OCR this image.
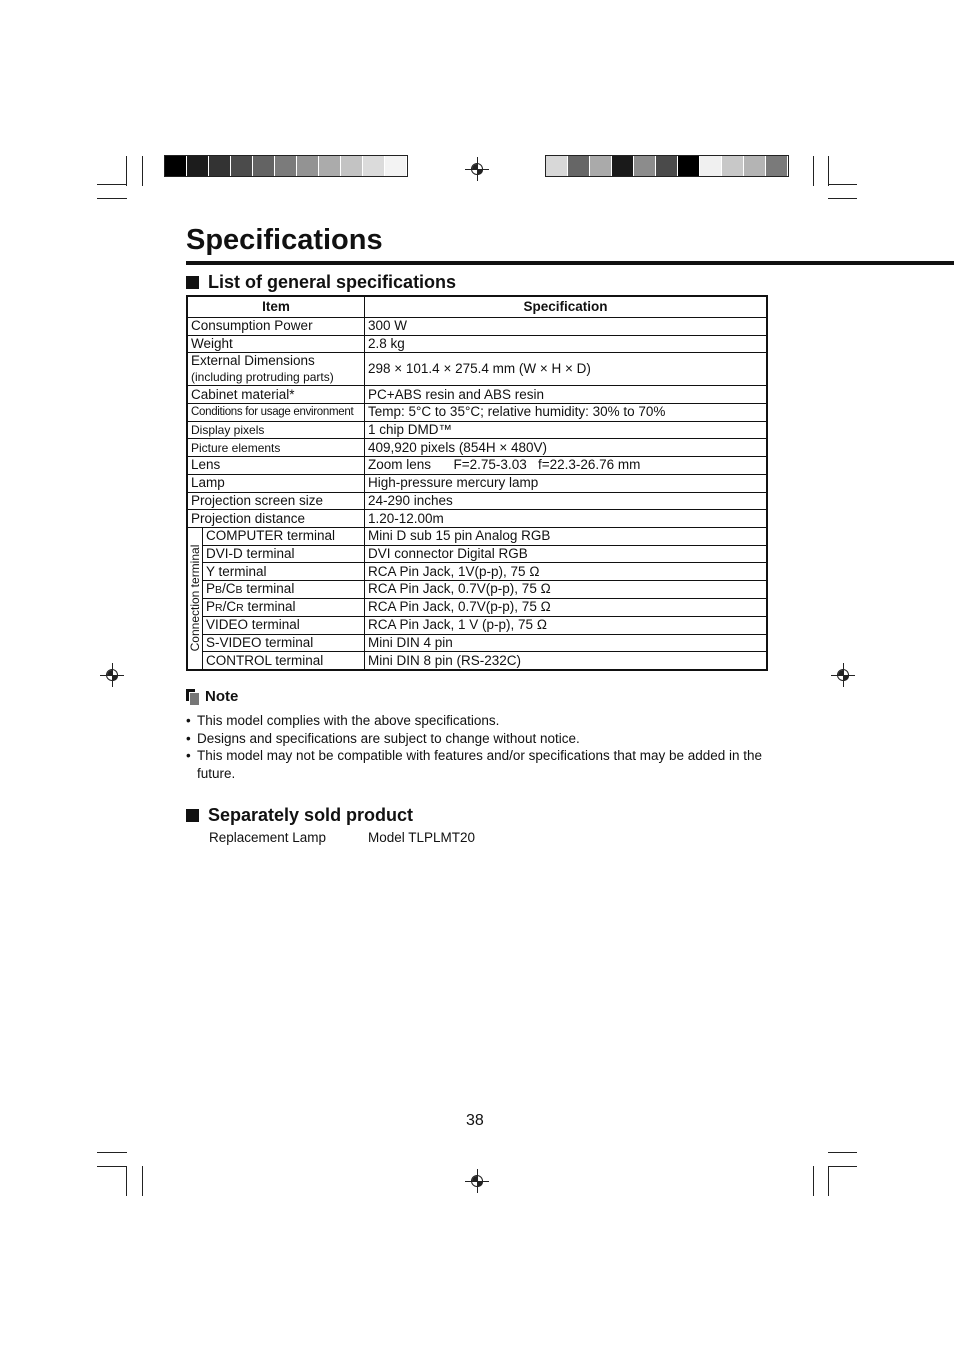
Specifications
List of general specifications
Item		Specification
Consumption Power		300 W
Weight		2.8 kg
External Dimensions
(including protruding parts)		298 × 101.4 × 275.4 mm (W × H × D)
Cabinet material*		PC+ABS resin and ABS resin
Conditions for usage environment		Temp: 5°C to 35°C; relative humidity: 30% to 70%
Display pixels		1 chip DMD™
Picture elements		409,920 pixels (854H × 480V)
Lens		Zoom lens      F=2.75-3.03   f=22.3-26.76 mm
Lamp		High-pressure mercury lamp
Projection screen size		24-290 inches
Projection distance		1.20-12.00m

Connection terminal	COMPUTER terminal	Mini D sub 15 pin Analog RGB
	DVI-D terminal	DVI connector Digital RGB
	Y terminal	RCA Pin Jack, 1V(p-p), 75 Ω
	PB/CB terminal	RCA Pin Jack, 0.7V(p-p), 75 Ω
	PR/CR terminal	RCA Pin Jack, 0.7V(p-p), 75 Ω
	VIDEO terminal	RCA Pin Jack, 1 V (p-p), 75 Ω
	S-VIDEO terminal	Mini DIN 4 pin
	CONTROL terminal	Mini DIN 8 pin (RS-232C)
Note
• This model complies with the above specifications.
• Designs and specifications are subject to change without notice.
• This model may not be compatible with features and/or specifications that may be added in the future.
Separately sold product
Replacement Lamp	Model TLPLMT20
38
